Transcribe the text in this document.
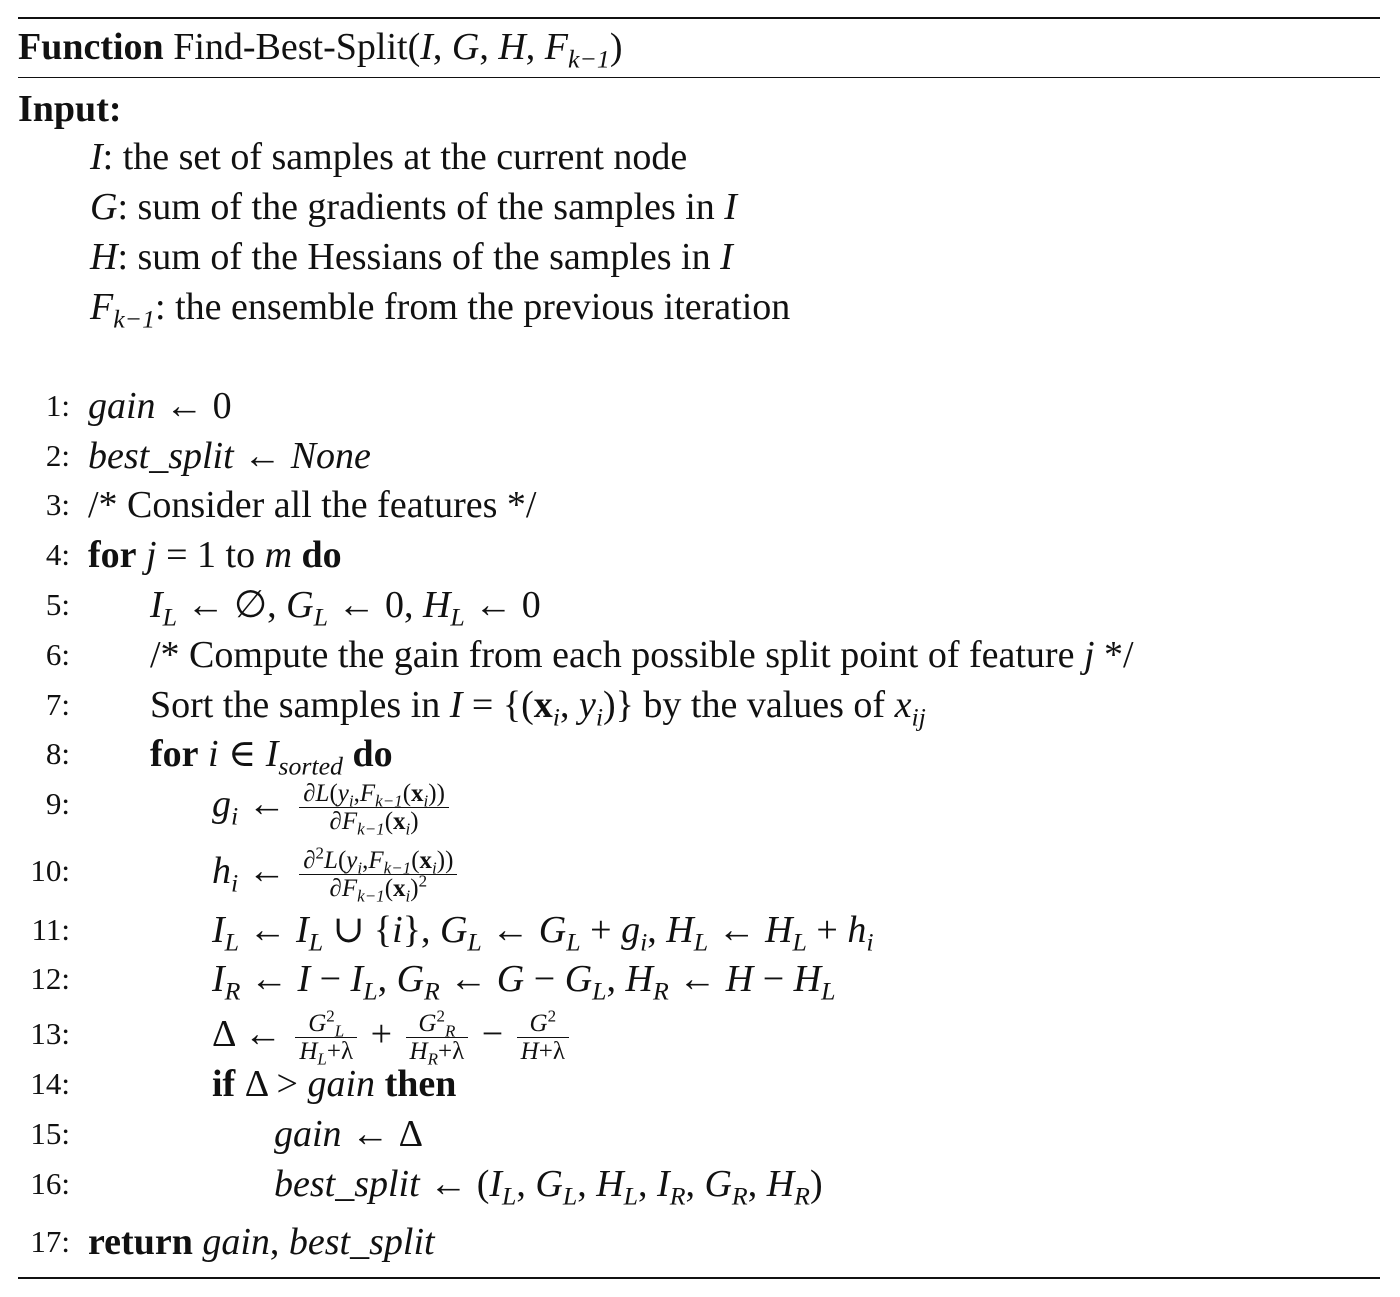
Function Find-Best-Split(I, G, H, $F_{k-1}$)
Input:
I: the set of samples at the current node
G: sum of the gradients of the samples in I
H: sum of the Hessians of the samples in I
$F_{k-1}$: the ensemble from the previous iteration
1: gain ← 0
2: best_split ← None
3: /* Consider all the features */
4: for j = 1 to m do
5: $I_L$ ← ∅, $G_L$ ← 0, $H_L$ ← 0
6: /* Compute the gain from each possible split point of feature j */
7: Sort the samples in $I = \{(x_i$, $y_i$)} by the values of $x_{ij}$
8: for i ∈ $I_{sorted}$ do
9:	$g_i$ ← $\frac{\partial L(y_i,F_{k-1}(x_i))}{\partial F_{k-1}(x_i)}$
10:	$h_i$ ← $\frac{\partial^2L(y_i,F_{k-1}(x_i))}{\partial F_{k-1}(x_i)^2}$
11:	$I_L$ ← $I_L$ ∪ {i}, $G_L$ ← $G_L + g_i$, $H_L$ ← $H_L + h_i$
12:	$I_R$ ← $I - I_L$, $G_R$ ← $G - G_L$, $H_R$ ← $H - H_L$
13:	Δ ← $\frac{G^2_L}{H_L+\lambda} + \frac{G^2_R}{H_R+\lambda} - \frac{G^2}{H+\lambda}$
14:	if Δ > gain then
15:	gain ← Δ
16:	best_split ← ($I_L$, $G_L$, $H_L$, $I_R$, $G_R$, $H_R$)
17: return gain, best_split
